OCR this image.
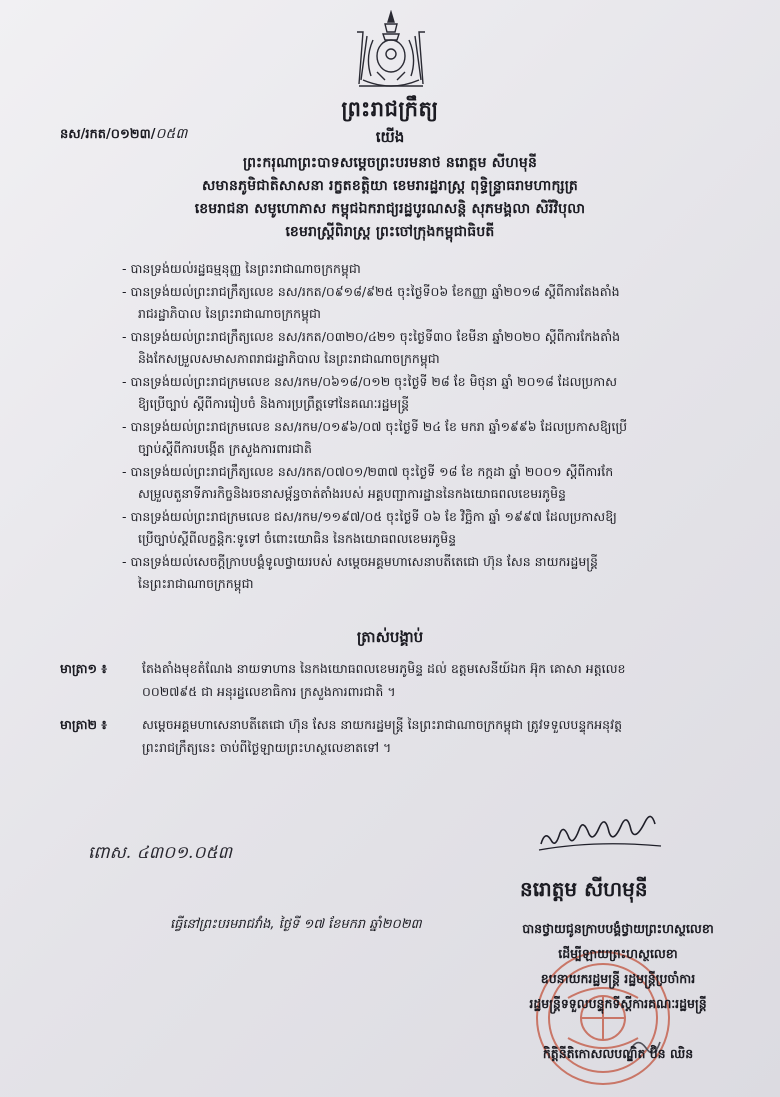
ព្រះរាជក្រឹត្យ
នស/រកត/០១២៣/០៥៣	យើង
ព្រះករុណាព្រះបាទសម្ដេចព្រះបរមនាថ នរោត្តម សីហមុនី
សមានភូមិជាតិសាសនា រក្ខតខត្តិយា ខេមរារដ្ឋរាស្ត្រ ពុទ្ធិន្ទ្រាធរាមហាក្សត្រ
ខេមរាជនា សមូហោភាស កម្ពុជឯករាជ្យរដ្ឋបូរណសន្តិ សុភមង្គលា សិរីវិបុលា
ខេមរាស្ត្រីពិរាស្ត្រ ព្រះចៅក្រុងកម្ពុជាធិបតី
- បានទ្រង់យល់រដ្ឋធម្មនុញ្ញ នៃព្រះរាជាណាចក្រកម្ពុជា
- បានទ្រង់យល់ព្រះរាជក្រឹត្យលេខ នស/រកត/០៩១៨/៩២៥ ចុះថ្ងៃទី០៦ ខែកញ្ញា ឆ្នាំ២០១៨ ស្ដីពីការតែងតាំង
រាជរដ្ឋាភិបាល នៃព្រះរាជាណាចក្រកម្ពុជា
- បានទ្រង់យល់ព្រះរាជក្រឹត្យលេខ នស/រកត/០៣២០/៤២១ ចុះថ្ងៃទី៣០ ខែមីនា ឆ្នាំ២០២០ ស្ដីពីការកែងតាំង
និងកែសម្រួលសមាសភាពរាជរដ្ឋាភិបាល នៃព្រះរាជាណាចក្រកម្ពុជា
- បានទ្រង់យល់ព្រះរាជក្រមលេខ នស/រកម/០៦១៨/០១២ ចុះថ្ងៃទី ២៨ ខែ មិថុនា ឆ្នាំ ២០១៨ ដែលប្រកាស
ឱ្យប្រើច្បាប់ ស្ដីពីការរៀបចំ និងការប្រព្រឹត្តទៅនៃគណៈរដ្ឋមន្ត្រី
- បានទ្រង់យល់ព្រះរាជក្រមលេខ នស/រកម/០១៩៦/០៧ ចុះថ្ងៃទី ២៤ ខែ មករា ឆ្នាំ១៩៩៦ ដែលប្រកាសឱ្យប្រើ
ច្បាប់ស្ដីពីការបង្កើត ក្រសួងការពារជាតិ
- បានទ្រង់យល់ព្រះរាជក្រឹត្យលេខ នស/រកត/០៧០១/២៣៧ ចុះថ្ងៃទី ១៨ ខែ កក្កដា ឆ្នាំ ២០០១ ស្ដីពីការកែ
សម្រួលតួនាទីភារកិច្ចនិងរចនាសម្ព័ន្ធចាត់តាំងរបស់ អគ្គបញ្ជាការដ្ឋាននៃកងយោធពលខេមរភូមិន្ទ
- បានទ្រង់យល់ព្រះរាជក្រមលេខ ជស/រកម/១១៩៧/០៥ ចុះថ្ងៃទី ០៦ ខែ វិច្ឆិកា ឆ្នាំ ១៩៩៧ ដែលប្រកាសឱ្យ
ប្រើច្បាប់ស្ដីពីលក្ខន្តិកៈទូទៅ ចំពោះយោធិន នៃកងយោធពលខេមរភូមិន្ទ
- បានទ្រង់យល់សេចក្ដីក្រាបបង្គំទូលថ្វាយរបស់ សម្ដេចអគ្គមហាសេនាបតីតេជោ ហ៊ុន សែន នាយករដ្ឋមន្ត្រី
នៃព្រះរាជាណាចក្រកម្ពុជា
ត្រាស់បង្គាប់
មាត្រា១ ៖	តែងតាំងមុខតំណែង នាយទាហាន នៃកងយោធពលខេមរភូមិន្ទ ដល់ ឧត្តមសេនីយ៍ឯក អ៊ុក គោសា អត្តលេខ
០០២៧៩៥ ជា អនុរដ្ឋលេខាធិការ ក្រសួងការពារជាតិ ។
មាត្រា២ ៖	សម្ដេចអគ្គមហាសេនាបតីតេជោ ហ៊ុន សែន នាយករដ្ឋមន្ត្រី នៃព្រះរាជាណាចក្រកម្ពុជា ត្រូវទទួលបន្ទុកអនុវត្ត
ព្រះរាជក្រឹត្យនេះ ចាប់ពីថ្ងៃឡាយព្រះហស្ថលេខាតទៅ ។
ពោស. ៤៣០១.០៥៣
នរោត្តមសីហមុនី
នរោត្តម សីហមុនី
ធ្វើនៅព្រះបរមរាជវាំង, ថ្ងៃទី ១៧ ខែមករា ឆ្នាំ២០២៣	បានថ្វាយជូនក្រាបបង្គំថ្វាយព្រះហស្ថលេខា
ដើម្បីឡាយព្រះហស្ថលេខា
ឧបនាយករដ្ឋមន្ត្រី រដ្ឋមន្ត្រីប្រចាំការ
រដ្ឋមន្ត្រីទទួលបន្ទុកទីស្ដីការគណៈរដ្ឋមន្ត្រី
កិត្តិនីតិកោសលបណ្ឌិត ប៊ិន ឈិន
